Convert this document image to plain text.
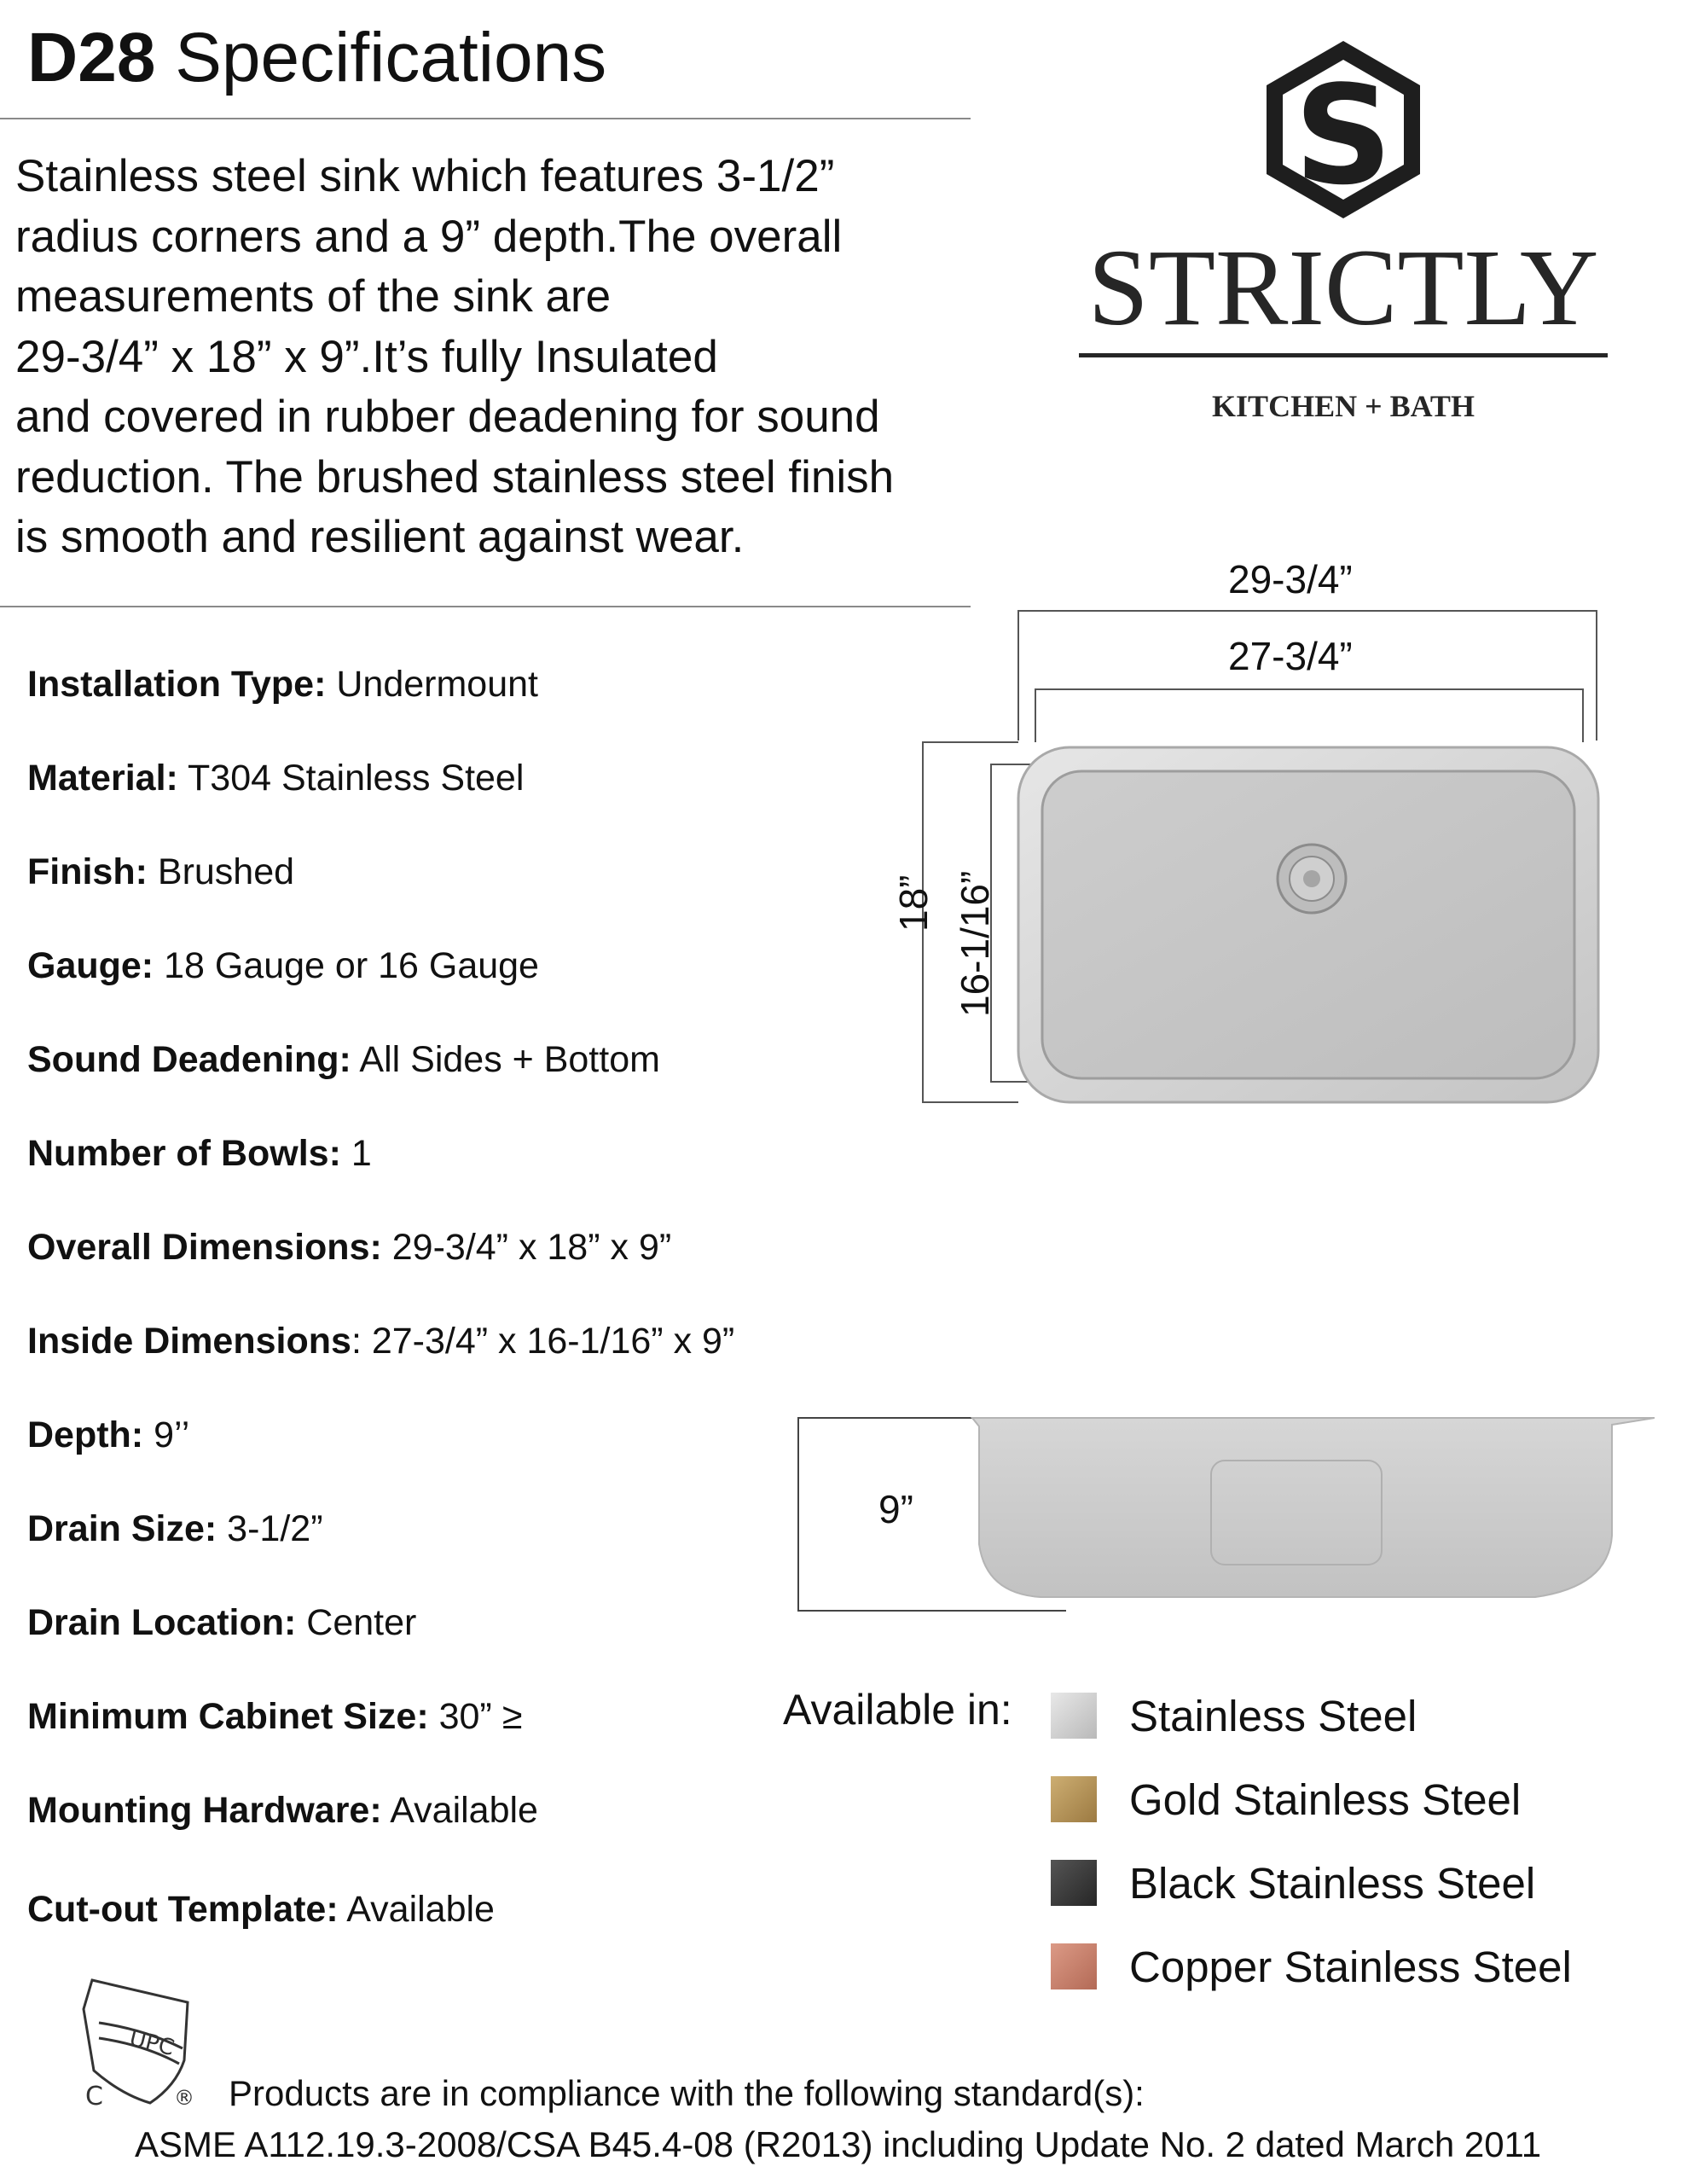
D28 Specifications
Stainless steel sink which features 3-1/2”
radius corners and a 9” depth.The overall
measurements of the sink are
29-3/4” x 18” x 9”.It’s fully Insulated
and covered in rubber deadening for sound
reduction. The brushed stainless steel finish
is smooth and resilient against wear.
S
STRICTLY
KITCHEN + BATH
Installation Type: Undermount
Material: T304 Stainless Steel
Finish: Brushed
Gauge: 18 Gauge or 16 Gauge
Sound Deadening: All Sides + Bottom
Number of Bowls: 1
Overall Dimensions: 29-3/4” x 18” x 9”
Inside Dimensions: 27-3/4” x 16-1/16” x 9”
Depth: 9’’
Drain Size: 3-1/2”
Drain Location: Center
Minimum Cabinet Size: 30” ≥
Mounting Hardware: Available
Cut-out Template: Available
29-3/4”
27-3/4”
18” 16-1/16”
9”
Available in:	Stainless Steel
Gold Stainless Steel
Black Stainless Steel
Copper Stainless Steel
UPC
C	® Products are in compliance with the following standard(s):
ASME A112.19.3-2008/CSA B45.4-08 (R2013) including Update No. 2 dated March 2011
